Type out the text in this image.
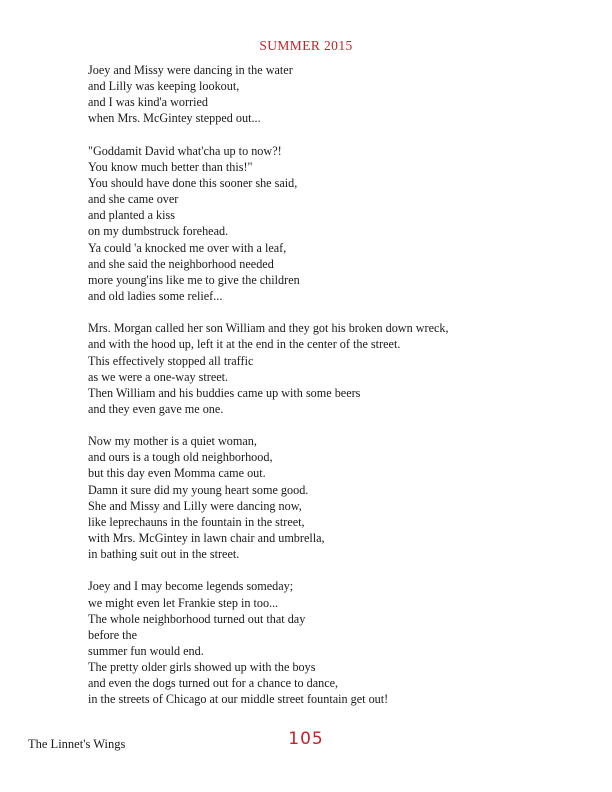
SUMMER 2015
Joey and Missy were dancing in the water
and Lilly was keeping lookout,
and I was kind'a worried
when Mrs. McGintey stepped out...
"Goddamit David what'cha up to now?!
You know much better than this!"
You should have done this sooner she said,
and she came over
and planted a kiss
on my dumbstruck forehead.
Ya could 'a knocked me over with a leaf,
and she said the neighborhood needed
more young'ins like me to give the children
and old ladies some relief...
Mrs. Morgan called her son William and they got his broken down wreck,
and with the hood up, left it at the end in the center of the street.
This effectively stopped all traffic
as we were a one-way street.
Then William and his buddies came up with some beers
and they even gave me one.
Now my mother is a quiet woman,
and ours is a tough old neighborhood,
but this day even Momma came out.
Damn it sure did my young heart some good.
She and Missy and Lilly were dancing now,
like leprechauns in the fountain in the street,
with Mrs. McGintey in lawn chair and umbrella,
in bathing suit out in the street.
Joey and I may become legends someday;
we might even let Frankie step in too...
The whole neighborhood turned out that day
before the
summer fun would end.
The pretty older girls showed up with the boys
and even the dogs turned out for a chance to dance,
in the streets of Chicago at our middle street fountain get out!
The Linnet's Wings	105
